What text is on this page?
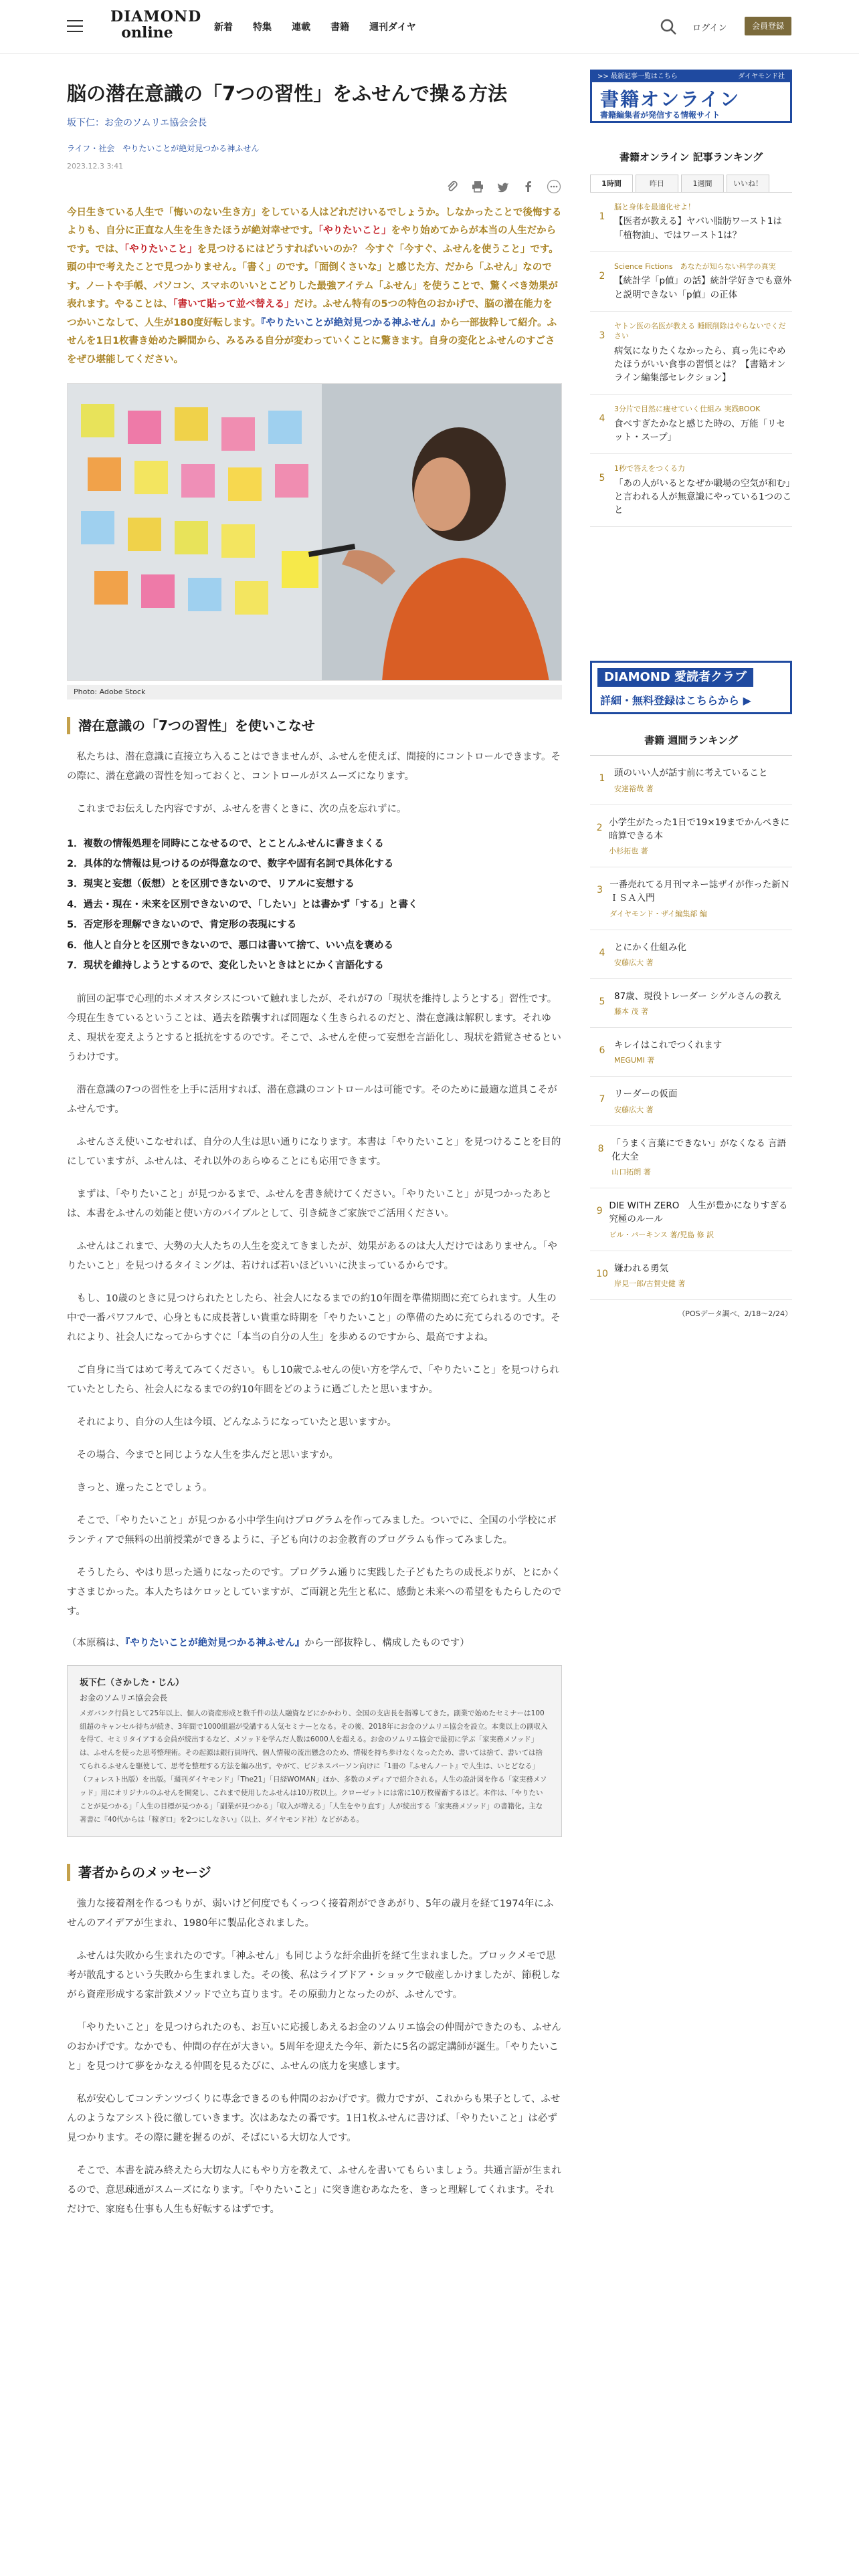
DIAMOND
online	新着 特集 連載 書籍 週刊ダイヤ	ログイン	会員登録
脳の潜在意識の「7つの習性」をふせんで操る方法
坂下仁：お金のソムリエ協会会長
ライフ・社会　やりたいことが絶対見つかる神ふせん
2023.12.3 3:41
今日生きている人生で「悔いのない生き方」をしている人はどれだけいるでしょうか。しなかったことで後悔するよりも、自分に正直な人生を生きたほうが絶対幸せです。「やりたいこと」をやり始めてからが本当の人生だからです。では、「やりたいこと」を見つけるにはどうすればいいのか？ 今すぐ「今すぐ、ふせんを使うこと」です。頭の中で考えたことで見つかりません。「書く」のです。「面倒くさいな」と感じた方、だから「ふせん」なのです。ノートや手帳、パソコン、スマホのいいとこどりした最強アイテム「ふせん」を使うことで、驚くべき効果が表れます。やることは、「書いて貼って並べ替える」だけ。ふせん特有の5つの特色のおかげで、脳の潜在能力をつかいこなして、人生が180度好転します。『やりたいことが絶対見つかる神ふせん』から一部抜粋して紹介。ふせんを1日1枚書き始めた瞬間から、みるみる自分が変わっていくことに驚きます。自身の変化とふせんのすごさをぜひ堪能してください。
Photo: Adobe Stock
潜在意識の「7つの習性」を使いこなせ

私たちは、潜在意識に直接立ち入ることはできませんが、ふせんを使えば、間接的にコントロールできます。その際に、潜在意識の習性を知っておくと、コントロールがスムーズになります。

これまでお伝えした内容ですが、ふせんを書くときに、次の点を忘れずに。

1．複数の情報処理を同時にこなせるので、とことんふせんに書きまくる
2．具体的な情報は見つけるのが得意なので、数字や固有名詞で具体化する
3．現実と妄想（仮想）とを区別できないので、リアルに妄想する
4．過去・現在・未来を区別できないので、「したい」とは書かず「する」と書く
5．否定形を理解できないので、肯定形の表現にする
6．他人と自分とを区別できないので、悪口は書いて捨て、いい点を褒める
7．現状を維持しようとするので、変化したいときはとにかく言語化する

前回の記事で心理的ホメオスタシスについて触れましたが、それが7の「現状を維持しようとする」習性です。今現在生きているということは、過去を踏襲すれば問題なく生きられるのだと、潜在意識は解釈します。それゆえ、現状を変えようとすると抵抗をするのです。そこで、ふせんを使って妄想を言語化し、現状を錯覚させるというわけです。

潜在意識の7つの習性を上手に活用すれば、潜在意識のコントロールは可能です。そのために最適な道具こそがふせんです。

ふせんさえ使いこなせれば、自分の人生は思い通りになります。本書は「やりたいこと」を見つけることを目的にしていますが、ふせんは、それ以外のあらゆることにも応用できます。

まずは、「やりたいこと」が見つかるまで、ふせんを書き続けてください。「やりたいこと」が見つかったあとは、本書をふせんの効能と使い方のバイブルとして、引き続きご家族でご活用ください。

ふせんはこれまで、大勢の大人たちの人生を変えてきましたが、効果があるのは大人だけではありません。「やりたいこと」を見つけるタイミングは、若ければ若いほどいいに決まっているからです。

もし、10歳のときに見つけられたとしたら、社会人になるまでの約10年間を準備期間に充てられます。人生の中で一番パワフルで、心身ともに成長著しい貴重な時期を「やりたいこと」の準備のために充てられるのです。それにより、社会人になってからすぐに「本当の自分の人生」を歩めるのですから、最高ですよね。

ご自身に当てはめて考えてみてください。もし10歳でふせんの使い方を学んで、「やりたいこと」を見つけられていたとしたら、社会人になるまでの約10年間をどのように過ごしたと思いますか。

それにより、自分の人生は今頃、どんなふうになっていたと思いますか。

その場合、今までと同じような人生を歩んだと思いますか。

きっと、違ったことでしょう。

そこで、「やりたいこと」が見つかる小中学生向けプログラムを作ってみました。ついでに、全国の小学校にボランティアで無料の出前授業ができるように、子ども向けのお金教育のプログラムも作ってみました。

そうしたら、やはり思った通りになったのです。プログラム通りに実践した子どもたちの成長ぶりが、とにかくすさまじかった。本人たちはケロッとしていますが、ご両親と先生と私に、感動と未来への希望をもたらしたのです。

（本原稿は、『やりたいことが絶対見つかる神ふせん』から一部抜粋し、構成したものです）
坂下仁（さかした・じん）
お金のソムリエ協会会長
メガバンク行員として25年以上、個人の資産形成と数千件の法人融資などにかかわり、全国の支店長を指導してきた。副業で始めたセミナーは100組超のキャンセル待ちが続き、3年間で1000組超が受講する人気セミナーとなる。その後、2018年にお金のソムリエ協会を設立。本業以上の副収入を得て、セミリタイアする会員が続出するなど、メソッドを学んだ人数は6000人を超える。お金のソムリエ協会で最初に学ぶ「家実務メソッド」は、ふせんを使った思考整理術。その起源は銀行員時代、個人情報の流出懸念のため、情報を持ち歩けなくなったため、書いては捨て、書いては捨てられるふせんを駆使して、思考を整理する方法を編み出す。やがて、ビジネスパーソン向けに「1冊の『ふせんノート』で人生は、いとどなる」（フォレスト出版）を出版。「週刊ダイヤモンド」「The21」「日経WOMAN」ほか、多数のメディアで紹介される。人生の設計図を作る「家実務メソッド」用にオリジナルのふせんを開発し、これまで使用したふせんは10万枚以上。クローゼットには常に10万枚備蓄するほど。本作は、「やりたいことが見つかる」「人生の目標が見つかる」「副業が見つかる」「収入が増える」「人生をやり直す」人が続出する「家実務メソッド」の書籍化。主な著書に『40代からは「稼ぎ口」を2つにしなさい』（以上、ダイヤモンド社）などがある。
著者からのメッセージ

強力な接着剤を作るつもりが、弱いけど何度でもくっつく接着剤ができあがり、5年の歳月を経て1974年にふせんのアイデアが生まれ、1980年に製品化されました。

ふせんは失敗から生まれたのです。「神ふせん」も同じような紆余曲折を経て生まれました。ブロックメモで思考が散乱するという失敗から生まれました。その後、私はライブドア・ショックで破産しかけましたが、節税しながら資産形成する家計鉄メソッドで立ち直ります。その原動力となったのが、ふせんです。

「やりたいこと」を見つけられたのも、お互いに応援しあえるお金のソムリエ協会の仲間ができたのも、ふせんのおかげです。なかでも、仲間の存在が大きい。5周年を迎えた今年、新たに5名の認定講師が誕生。「やりたいこと」を見つけて夢をかなえる仲間を見るたびに、ふせんの底力を実感します。

私が安心してコンテンツづくりに専念できるのも仲間のおかげです。微力ですが、これからも果子として、ふせんのようなアシスト役に徹していきます。次はあなたの番です。1日1枚ふせんに書けば、「やりたいこと」は必ず見つかります。その際に鍵を握るのが、そばにいる大切な人です。

そこで、本書を読み終えたら大切な人にもやり方を教えて、ふせんを書いてもらいましょう。共通言語が生まれるので、意思疎通がスムーズになります。「やりたいこと」に突き進むあなたを、きっと理解してくれます。それだけで、家庭も仕事も人生も好転するはずです。

>> 最新記事一覧はこちら	ダイヤモンド社
書籍オンライン
書籍編集者が発信する情報サイト
書籍オンライン 記事ランキング
1時間	昨日	1週間	いいね！
1
脳と身体を最適化せよ！
【医者が教える】ヤバい脂肪ワースト1は「植物油」、ではワースト1は？
2
Science Fictions　あなたが知らない科学の真実
【統計学「p値」の話】統計学好きでも意外と説明できない「p値」の正体
3
ヤトン医の名医が教える 睡眠削除はやらないでください
病気になりたくなかったら、真っ先にやめたほうがいい食事の習慣とは？【書籍オンライン編集部セレクション】
4
3分片で目然に痩せていく仕組み 実践BOOK
食べすぎたかなと感じた時の、万能「リセット・スープ」
5
1秒で答えをつくる力
「あの人がいるとなぜか職場の空気が和む」と言われる人が無意識にやっている1つのこと
DIAMOND 愛読者クラブ
詳細・無料登録はこちらから ▶
書籍 週間ランキング
1	頭のいい人が話す前に考えていること
安達裕哉 著
2 小学生がたった1日で19×19までかんぺきに暗算できる本
小杉拓也 著
3 一番売れてる月刊マネー誌ザイが作った新ＮＩＳＡ入門
ダイヤモンド・ザイ編集部 編
4	とにかく仕組み化
安藤広大 著
5	87歳、現役トレーダー シゲルさんの教え
藤本 茂 著
6	キレイはこれでつくれます
MEGUMI 著
7	リーダーの仮面
安藤広大 著
8 「うまく言葉にできない」がなくなる 言語化大全
山口拓朗 著
9 DIE WITH ZERO　人生が豊かになりすぎる究極のルール
ビル・パーキンス 著/児島 修 訳
10 嫌われる勇気
岸見一郎/古賀史健 著
（POSデータ調べ、2/18～2/24）
